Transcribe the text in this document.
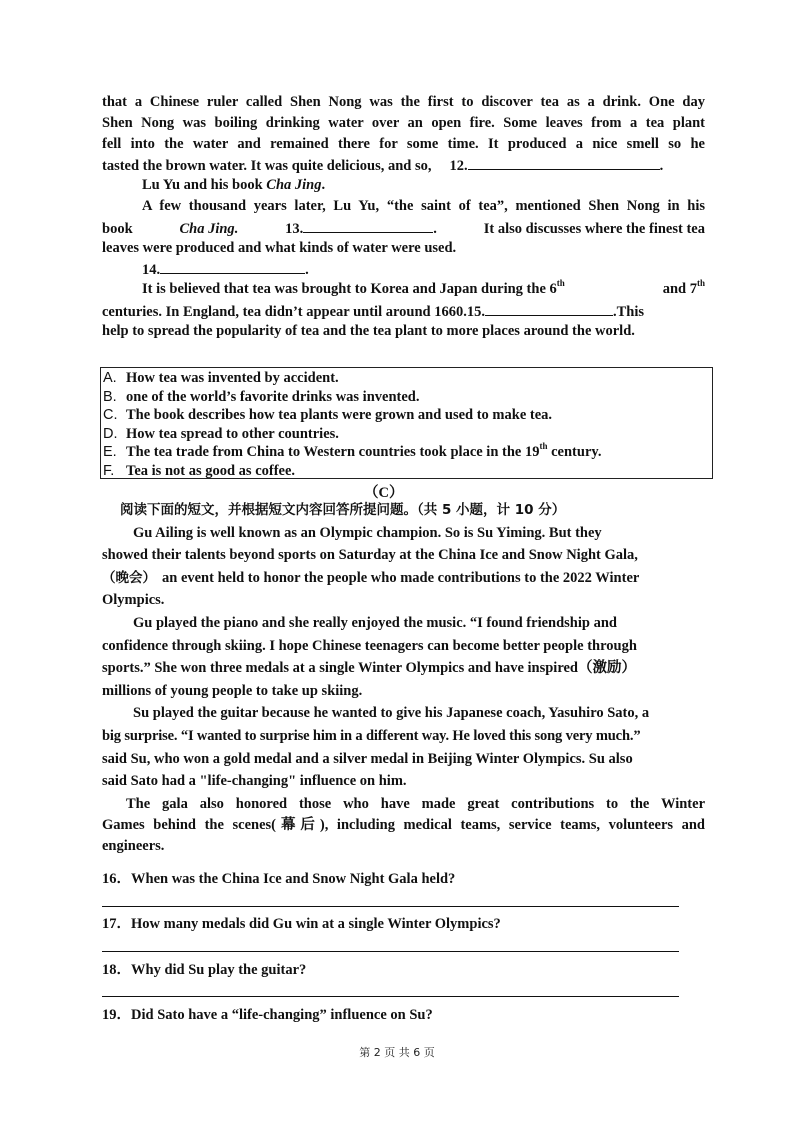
that a Chinese ruler called Shen Nong was the first to discover tea as a drink. One day
Shen Nong was boiling drinking water over an open fire. Some leaves from a tea plant
fell into the water and remained there for some time. It produced a nice smell so he
tasted the brown water. It was quite delicious, and so, 12.	.
Lu Yu and his book Cha Jing.
A few thousand years later, Lu Yu, “the saint of tea”, mentioned Shen Nong in his
book	Cha Jing.	13.	.	It also discusses where the finest tea
leaves were produced and what kinds of water were used.
14.	.
It is believed that tea was brought to Korea and Japan during the 6th	and 7th
centuries. In England, tea didn’t appear until around 1660.15.	.This
help to spread the popularity of tea and the tea plant to more places around the world.
A. How tea was invented by accident.
B. one of the world’s favorite drinks was invented.
C. The book describes how tea plants were grown and used to make tea.
D. How tea spread to other countries.
E. The tea trade from China to Western countries took place in the 19th century.
F. Tea is not as good as coffee.
（C）
阅读下面的短文，并根据短文内容回答所提问题。（共 5 小题，计 10 分）
Gu Ailing is well known as an Olympic champion. So is Su Yiming. But they
showed their talents beyond sports on Saturday at the China Ice and Snow Night Gala,
（晚会） an event held to honor the people who made contributions to the 2022 Winter
Olympics.
Gu played the piano and she really enjoyed the music. “I found friendship and
confidence through skiing. I hope Chinese teenagers can become better people through
sports.” She won three medals at a single Winter Olympics and have inspired（激励）
millions of young people to take up skiing.
Su played the guitar because he wanted to give his Japanese coach, Yasuhiro Sato, a
big surprise. “I wanted to surprise him in a different way. He loved this song very much.”
said Su, who won a gold medal and a silver medal in Beijing Winter Olympics. Su also
said Sato had a "life-changing" influence on him.
The gala also honored those who have made great contributions to the Winter
Games behind the scenes(幕后), including medical teams, service teams, volunteers and
engineers.
16．When was the China Ice and Snow Night Gala held?
17．How many medals did Gu win at a single Winter Olympics?
18．Why did Su play the guitar?
19．Did Sato have a “life-changing” influence on Su?
第 2 页 共 6 页
